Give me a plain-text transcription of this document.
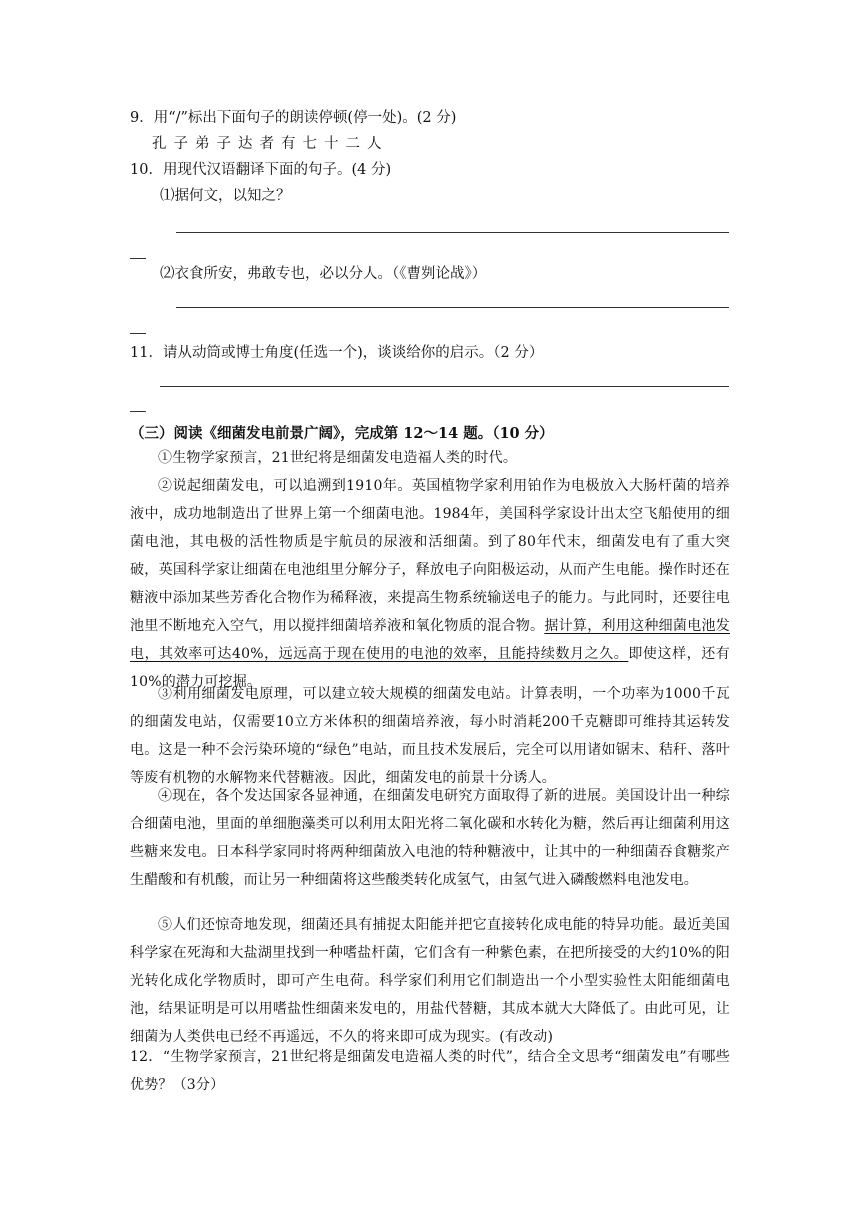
9．用“/”标出下面句子的朗读停顿(停一处)。(2 分)
孔子弟子达者有七十二人
10．用现代汉语翻译下面的句子。(4 分)
⑴据何文，以知之？
⑵衣食所安，弗敢专也，必以分人。（《曹刿论战》）
11．请从动筒或博士角度(任选一个)，谈谈给你的启示。（2 分）
（三）阅读《细菌发电前景广阔》，完成第 12～14 题。（10 分）
①生物学家预言，21世纪将是细菌发电造福人类的时代。
②说起细菌发电，可以追溯到1910年。英国植物学家利用铂作为电极放入大肠杆菌的培养液中，成功地制造出了世界上第一个细菌电池。1984年，美国科学家设计出太空飞船使用的细菌电池，其电极的活性物质是宇航员的尿液和活细菌。到了80年代末，细菌发电有了重大突破，英国科学家让细菌在电池组里分解分子，释放电子向阳极运动，从而产生电能。操作时还在糖液中添加某些芳香化合物作为稀释液，来提高生物系统输送电子的能力。与此同时，还要往电池里不断地充入空气，用以搅拌细菌培养液和氧化物质的混合物。据计算，利用这种细菌电池发电，其效率可达40%，远远高于现在使用的电池的效率，且能持续数月之久。即使这样，还有10%的潜力可挖掘。
③利用细菌发电原理，可以建立较大规模的细菌发电站。计算表明，一个功率为1000千瓦的细菌发电站，仅需要10立方米体积的细菌培养液，每小时消耗200千克糖即可维持其运转发电。这是一种不会污染环境的“绿色”电站，而且技术发展后，完全可以用诸如锯末、秸秆、落叶等废有机物的水解物来代替糖液。因此，细菌发电的前景十分诱人。
④现在，各个发达国家各显神通，在细菌发电研究方面取得了新的进展。美国设计出一种综合细菌电池，里面的单细胞藻类可以利用太阳光将二氧化碳和水转化为糖，然后再让细菌利用这些糖来发电。日本科学家同时将两种细菌放入电池的特种糖液中，让其中的一种细菌吞食糖浆产生醋酸和有机酸，而让另一种细菌将这些酸类转化成氢气，由氢气进入磷酸燃料电池发电。
⑤人们还惊奇地发现，细菌还具有捕捉太阳能并把它直接转化成电能的特异功能。最近美国科学家在死海和大盐湖里找到一种嗜盐杆菌，它们含有一种紫色素，在把所接受的大约10%的阳光转化成化学物质时，即可产生电荷。科学家们利用它们制造出一个小型实验性太阳能细菌电池，结果证明是可以用嗜盐性细菌来发电的，用盐代替糖，其成本就大大降低了。由此可见，让细菌为人类供电已经不再遥远，不久的将来即可成为现实。(有改动)
12．“生物学家预言，21世纪将是细菌发电造福人类的时代”，结合全文思考“细菌发电”有哪些优势？（3分）
